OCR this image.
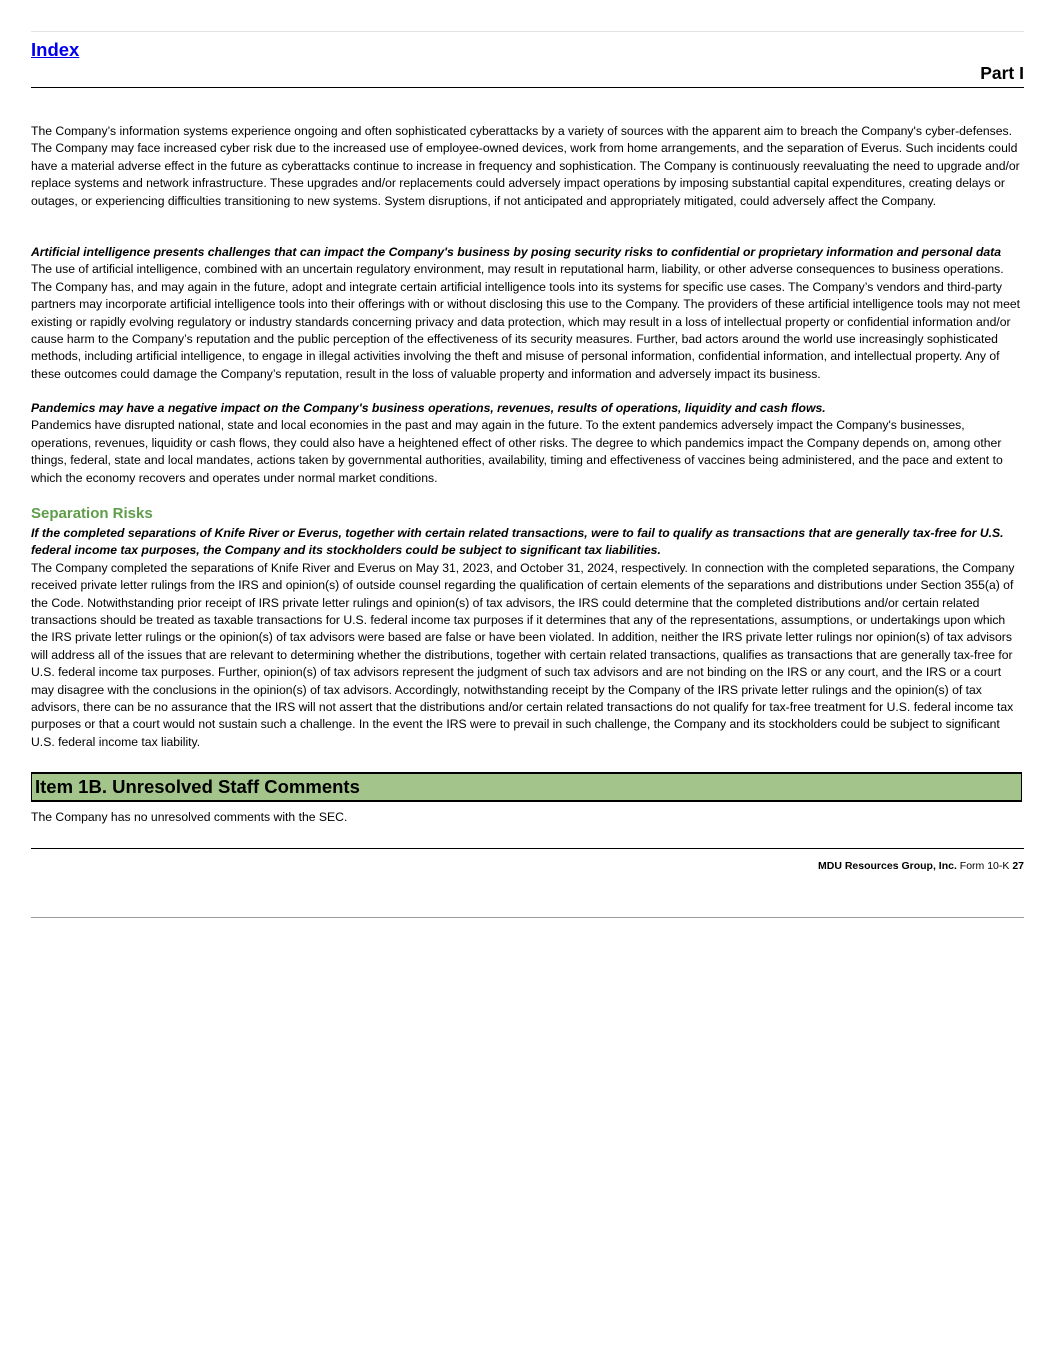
Index
Part I

The Company’s information systems experience ongoing and often sophisticated cyberattacks by a variety of sources with the apparent aim to breach the Company's cyber-defenses. The Company may face increased cyber risk due to the increased use of employee-owned devices, work from home arrangements, and the separation of Everus. Such incidents could have a material adverse effect in the future as cyberattacks continue to increase in frequency and sophistication. The Company is continuously reevaluating the need to upgrade and/or replace systems and network infrastructure. These upgrades and/or replacements could adversely impact operations by imposing substantial capital expenditures, creating delays or outages, or experiencing difficulties transitioning to new systems. System disruptions, if not anticipated and appropriately mitigated, could adversely affect the Company.

Artificial intelligence presents challenges that can impact the Company's business by posing security risks to confidential or proprietary information and personal data
The use of artificial intelligence, combined with an uncertain regulatory environment, may result in reputational harm, liability, or other adverse consequences to business operations. The Company has, and may again in the future, adopt and integrate certain artificial intelligence tools into its systems for specific use cases. The Company’s vendors and third-party partners may incorporate artificial intelligence tools into their offerings with or without disclosing this use to the Company. The providers of these artificial intelligence tools may not meet existing or rapidly evolving regulatory or industry standards concerning privacy and data protection, which may result in a loss of intellectual property or confidential information and/or cause harm to the Company’s reputation and the public perception of the effectiveness of its security measures. Further, bad actors around the world use increasingly sophisticated methods, including artificial intelligence, to engage in illegal activities involving the theft and misuse of personal information, confidential information, and intellectual property. Any of these outcomes could damage the Company’s reputation, result in the loss of valuable property and information and adversely impact its business.
Pandemics may have a negative impact on the Company's business operations, revenues, results of operations, liquidity and cash flows.
Pandemics have disrupted national, state and local economies in the past and may again in the future. To the extent pandemics adversely impact the Company's businesses, operations, revenues, liquidity or cash flows, they could also have a heightened effect of other risks. The degree to which pandemics impact the Company depends on, among other things, federal, state and local mandates, actions taken by governmental authorities, availability, timing and effectiveness of vaccines being administered, and the pace and extent to which the economy recovers and operates under normal market conditions.
Separation Risks
If the completed separations of Knife River or Everus, together with certain related transactions, were to fail to qualify as transactions that are generally tax-free for U.S. federal income tax purposes, the Company and its stockholders could be subject to significant tax liabilities.
The Company completed the separations of Knife River and Everus on May 31, 2023, and October 31, 2024, respectively. In connection with the completed separations, the Company received private letter rulings from the IRS and opinion(s) of outside counsel regarding the qualification of certain elements of the separations and distributions under Section 355(a) of the Code. Notwithstanding prior receipt of IRS private letter rulings and opinion(s) of tax advisors, the IRS could determine that the completed distributions and/or certain related transactions should be treated as taxable transactions for U.S. federal income tax purposes if it determines that any of the representations, assumptions, or undertakings upon which the IRS private letter rulings or the opinion(s) of tax advisors were based are false or have been violated. In addition, neither the IRS private letter rulings nor opinion(s) of tax advisors will address all of the issues that are relevant to determining whether the distributions, together with certain related transactions, qualifies as transactions that are generally tax-free for U.S. federal income tax purposes. Further, opinion(s) of tax advisors represent the judgment of such tax advisors and are not binding on the IRS or any court, and the IRS or a court may disagree with the conclusions in the opinion(s) of tax advisors. Accordingly, notwithstanding receipt by the Company of the IRS private letter rulings and the opinion(s) of tax advisors, there can be no assurance that the IRS will not assert that the distributions and/or certain related transactions do not qualify for tax-free treatment for U.S. federal income tax purposes or that a court would not sustain such a challenge. In the event the IRS were to prevail in such challenge, the Company and its stockholders could be subject to significant U.S. federal income tax liability.
Item 1B. Unresolved Staff Comments

The Company has no unresolved comments with the SEC.

MDU Resources Group, Inc. Form 10-K 27
